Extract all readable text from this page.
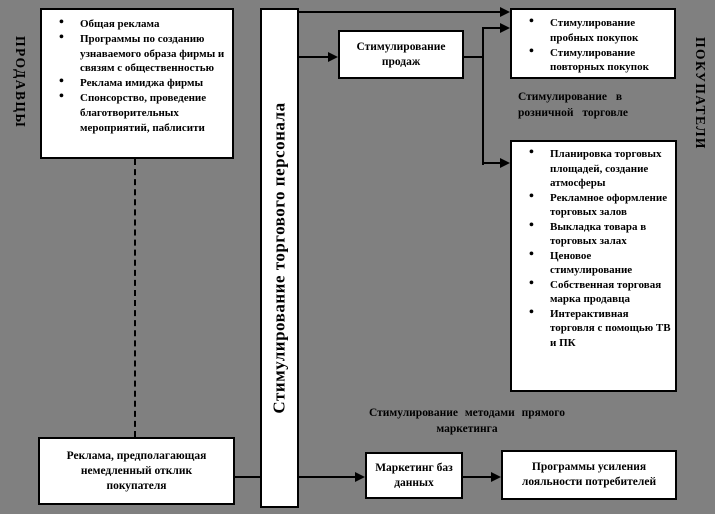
ПРОДАВЦЫ	ПОКУПАТЕЛИ
• Общая реклама
• Программы по созданию узнаваемого образа фирмы и связям с общественностью
• Реклама имиджа фирмы
• Спонсорство, проведение благотворительных мероприятий, паблисити	Стимулирование торгового персонала
Стимулирование продаж
• Стимулирование пробных покупок
• Стимулирование повторных покупок
Стимулирование в розничной торговле
• Планировка торговых площадей, создание атмосферы
• Рекламное оформление торговых залов
• Выкладка товара в торговых залах
• Ценовое стимулирование
• Собственная торговая марка продавца
• Интерактивная торговля с помощью ТВ и ПК
Стимулирование методами прямого маркетинга
Реклама, предполагающая немедленный отклик покупателя
Маркетинг баз данных
Программы усиления лояльности потребителей
